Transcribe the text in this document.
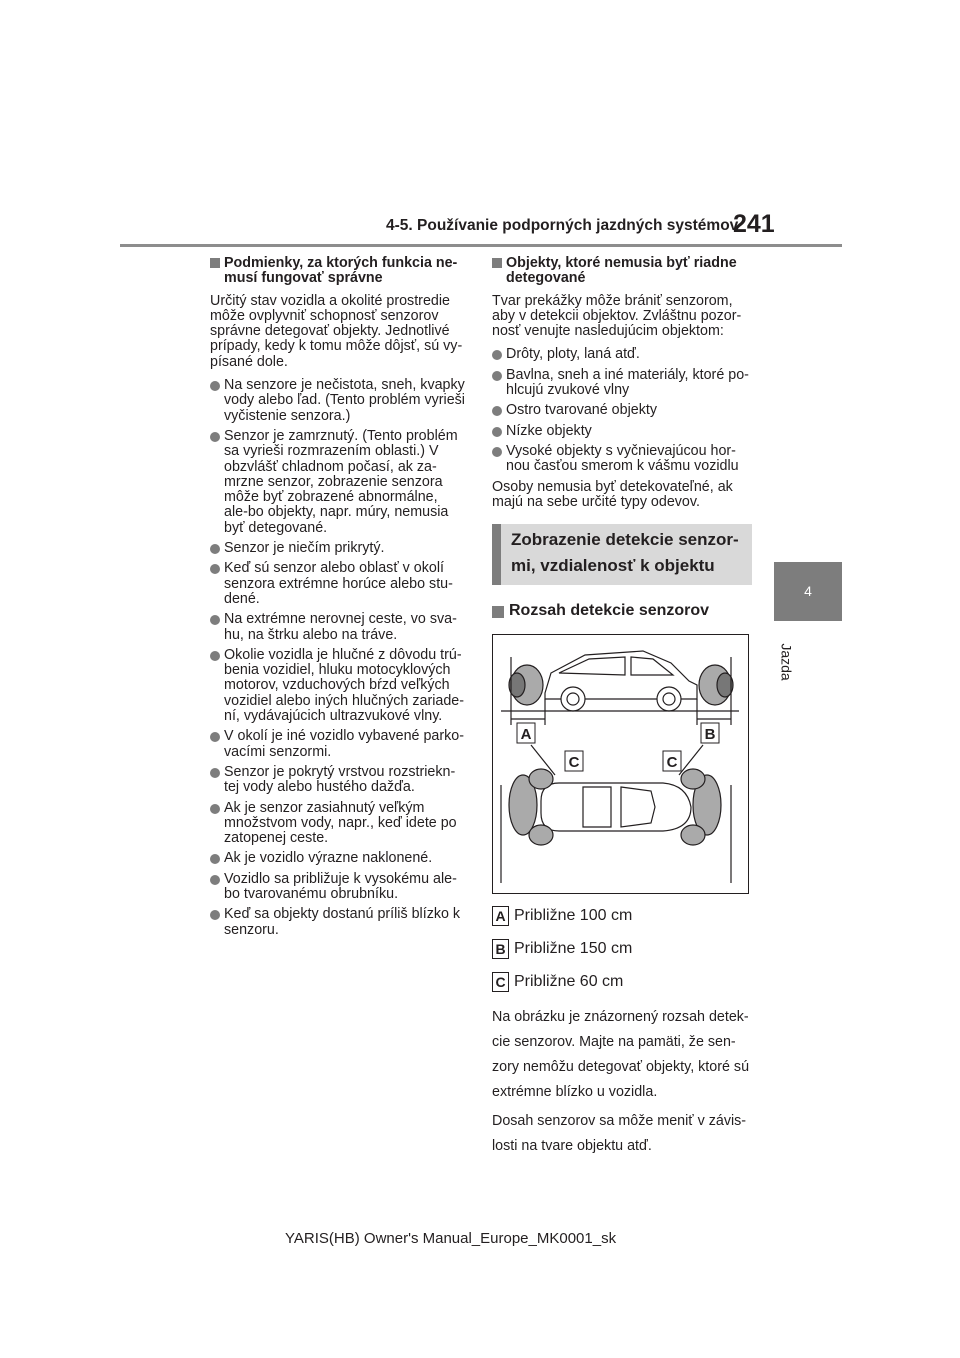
4-5. Používanie podporných jazdných systémov
241
4
Jazda
Podmienky, za ktorých funkcia ne-musí fungovať správne

Určitý stav vozidla a okolité prostredie môže ovplyvniť schopnosť senzorov správne detegovať objekty. Jednotlivé prípady, kedy k tomu môže dôjsť, sú vy-písané dole.

Na senzore je nečistota, sneh, kvapky vody alebo ľad. (Tento problém vyrieši vyčistenie senzora.)
Senzor je zamrznutý. (Tento problém sa vyrieši rozmrazením oblasti.) V obzvlášť chladnom počasí, ak za-mrzne senzor, zobrazenie senzora môže byť zobrazené abnormálne, ale-bo objekty, napr. múry, nemusia byť detegované.
Senzor je niečím prikrytý.
Keď sú senzor alebo oblasť v okolí senzora extrémne horúce alebo stu-dené.
Na extrémne nerovnej ceste, vo sva-hu, na štrku alebo na tráve.
Okolie vozidla je hlučné z dôvodu trú-benia vozidiel, hluku motocyklových motorov, vzduchových bŕzd veľkých vozidiel alebo iných hlučných zariade-ní, vydávajúcich ultrazvukové vlny.
V okolí je iné vozidlo vybavené parko-vacími senzormi.
Senzor je pokrytý vrstvou rozstriekn-tej vody alebo hustého dažďa.
Ak je senzor zasiahnutý veľkým množstvom vody, napr., keď idete po zatopenej ceste.
Ak je vozidlo výrazne naklonené.
Vozidlo sa približuje k vysokému ale-bo tvarovanému obrubníku.
Keď sa objekty dostanú príliš blízko k senzoru.
Objekty, ktoré nemusia byť riadne detegované

Tvar prekážky môže brániť senzorom, aby v detekcii objektov. Zvláštnu pozor-nosť venujte nasledujúcim objektom:

Drôty, ploty, laná atď.
Bavlna, sneh a iné materiály, ktoré po-hlcujú zvukové vlny
Ostro tvarované objekty
Nízke objekty
Vysoké objekty s vyčnievajúcou hor-nou časťou smerom k vášmu vozidlu

Osoby nemusia byť detekovateľné, ak majú na sebe určité typy odevov.

Zobrazenie detekcie senzor-
mi, vzdialenosť k objektu
Rozsah detekcie senzorov
A	B
C	C
A Približne 100 cm
B Približne 150 cm
C Približne 60 cm

Na obrázku je znázornený rozsah detek-cie senzorov. Majte na pamäti, že sen-zory nemôžu detegovať objekty, ktoré sú extrémne blízko u vozidla.

Dosah senzorov sa môže meniť v závis-losti na tvare objektu atď.

YARIS(HB) Owner's Manual_Europe_MK0001_sk
